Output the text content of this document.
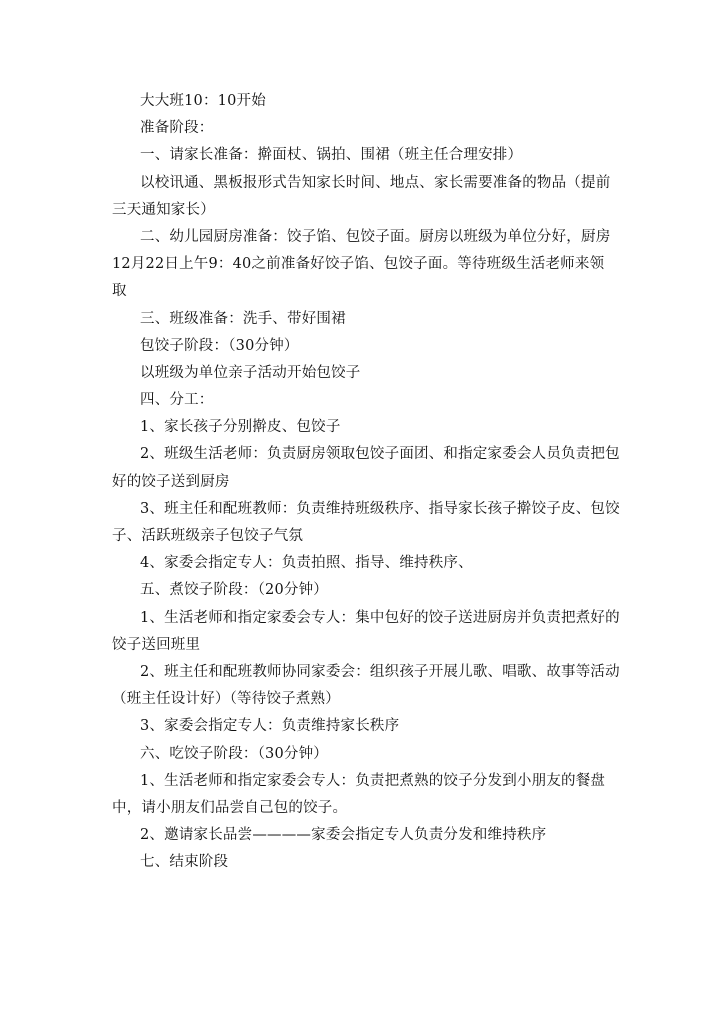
大大班10：10开始
准备阶段：
一、请家长准备：擀面杖、锅拍、围裙（班主任合理安排）
以校讯通、黑板报形式告知家长时间、地点、家长需要准备的物品（提前
三天通知家长）
二、幼儿园厨房准备：饺子馅、包饺子面。厨房以班级为单位分好，厨房
12月22日上午9：40之前准备好饺子馅、包饺子面。等待班级生活老师来领
取
三、班级准备：洗手、带好围裙
包饺子阶段：（30分钟）
以班级为单位亲子活动开始包饺子
四、分工：
1、家长孩子分别擀皮、包饺子
2、班级生活老师：负责厨房领取包饺子面团、和指定家委会人员负责把包
好的饺子送到厨房
3、班主任和配班教师：负责维持班级秩序、指导家长孩子擀饺子皮、包饺
子、活跃班级亲子包饺子气氛
4、家委会指定专人：负责拍照、指导、维持秩序、
五、煮饺子阶段：（20分钟）
1、生活老师和指定家委会专人：集中包好的饺子送进厨房并负责把煮好的
饺子送回班里
2、班主任和配班教师协同家委会：组织孩子开展儿歌、唱歌、故事等活动
（班主任设计好）（等待饺子煮熟）
3、家委会指定专人：负责维持家长秩序
六、吃饺子阶段：（30分钟）
1、生活老师和指定家委会专人：负责把煮熟的饺子分发到小朋友的餐盘
中，请小朋友们品尝自己包的饺子。
2、邀请家长品尝————家委会指定专人负责分发和维持秩序
七、结束阶段
